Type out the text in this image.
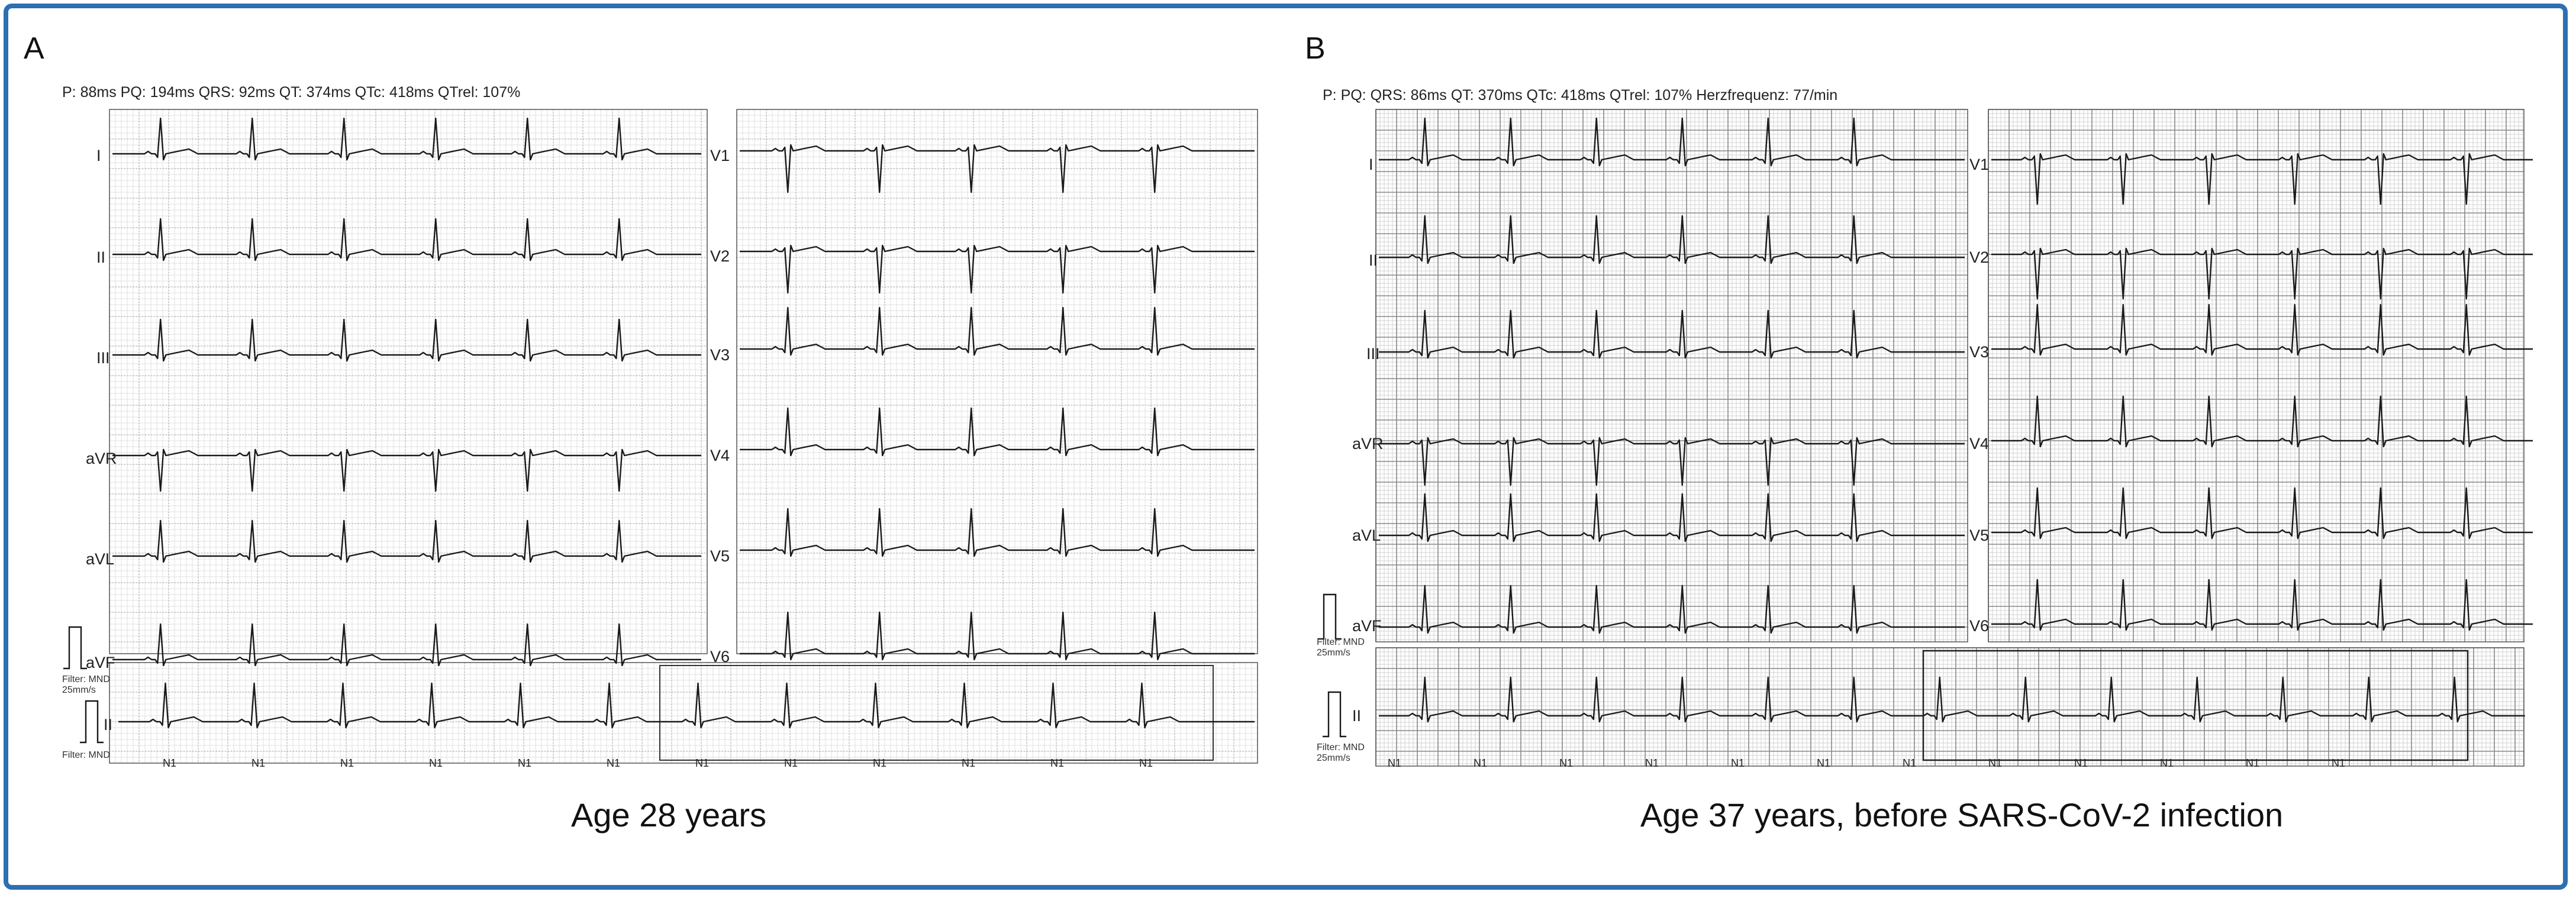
A
P: 88ms PQ: 194ms QRS: 92ms QT: 374ms QTc: 418ms QTrel: 107%
I
II
III
aVR
aVL
aVF
V1
V2
V3
V4
V5
V6
Filter: MND
25mm/s
II
Filter: MND
N1	N1	N1	N1	N1	N1	N1	N1	N1	N1	N1	N1
Age 28 years
B
P: PQ: QRS: 86ms QT: 370ms QTc: 418ms QTrel: 107% Herzfrequenz: 77/min
I
II
III
aVR
aVL
aVF
V1
V2
V3
V4
V5
V6
Filter: MND
25mm/s
II
Filter: MND
25mm/s	N1	N1	N1	N1	N1	N1	N1	N1	N1	N1	N1	N1
Age 37 years, before SARS-CoV-2 infection
